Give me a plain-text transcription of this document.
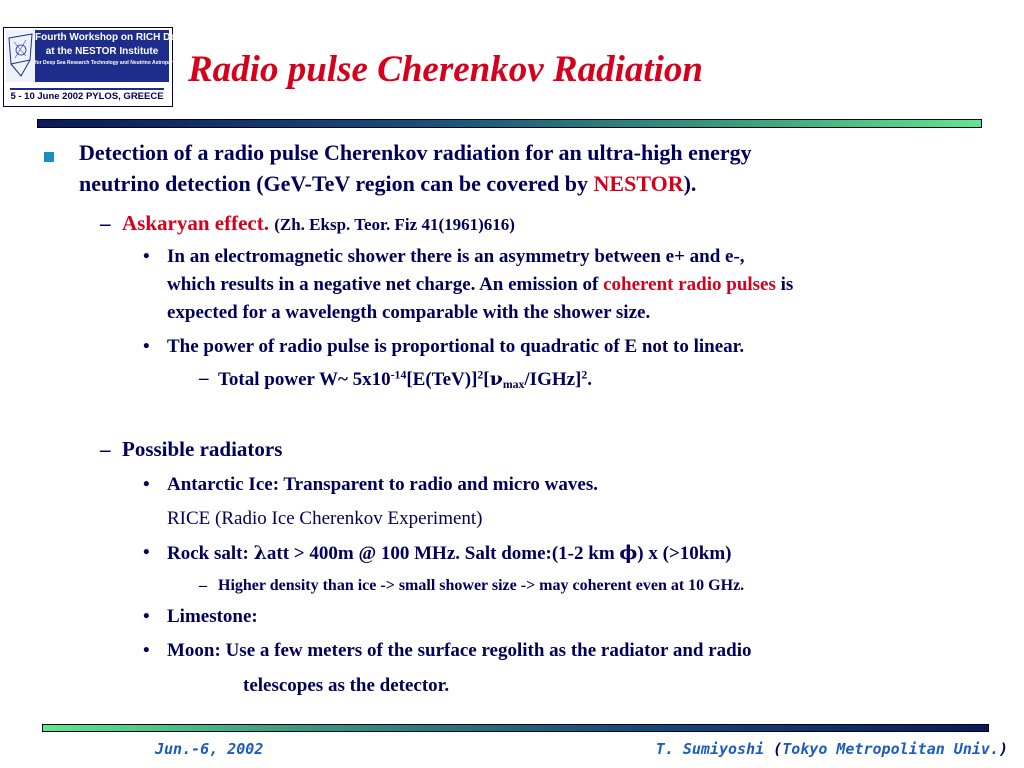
Fourth Workshop on RICH Detectors
at the NESTOR Institute
for Deep Sea Research Technology and Neutrino Astroparticle Physics
5 - 10 June 2002 PYLOS, GREECE
Radio pulse Cherenkov Radiation
Detection of a radio pulse Cherenkov radiation for an ultra-high energy
neutrino detection (GeV-TeV region can be covered by NESTOR).
– Askaryan effect. (Zh. Eksp. Teor. Fiz 41(1961)616)
• In an electromagnetic shower there is an asymmetry between e+ and e-,
which results in a negative net charge. An emission of coherent radio pulses is
expected for a wavelength comparable with the shower size.
• The power of radio pulse is proportional to quadratic of E not to linear.
– Total power W~ $5x10^{-14}[E(TeV)]^2[\nu_{max}/IGHz]^2$.
– Possible radiators
• Antarctic Ice: Transparent to radio and micro waves.
RICE (Radio Ice Cherenkov Experiment)
• Rock salt: λatt > 400m @ 100 MHz. Salt dome:(1-2 km ϕ) x (>10km)
– Higher density than ice -> small shower size -> may coherent even at 10 GHz.
• Limestone:
• Moon: Use a few meters of the surface regolith as the radiator and radio
telescopes as the detector.
Jun.-6, 2002	T. Sumiyoshi (Tokyo Metropolitan Univ.)
